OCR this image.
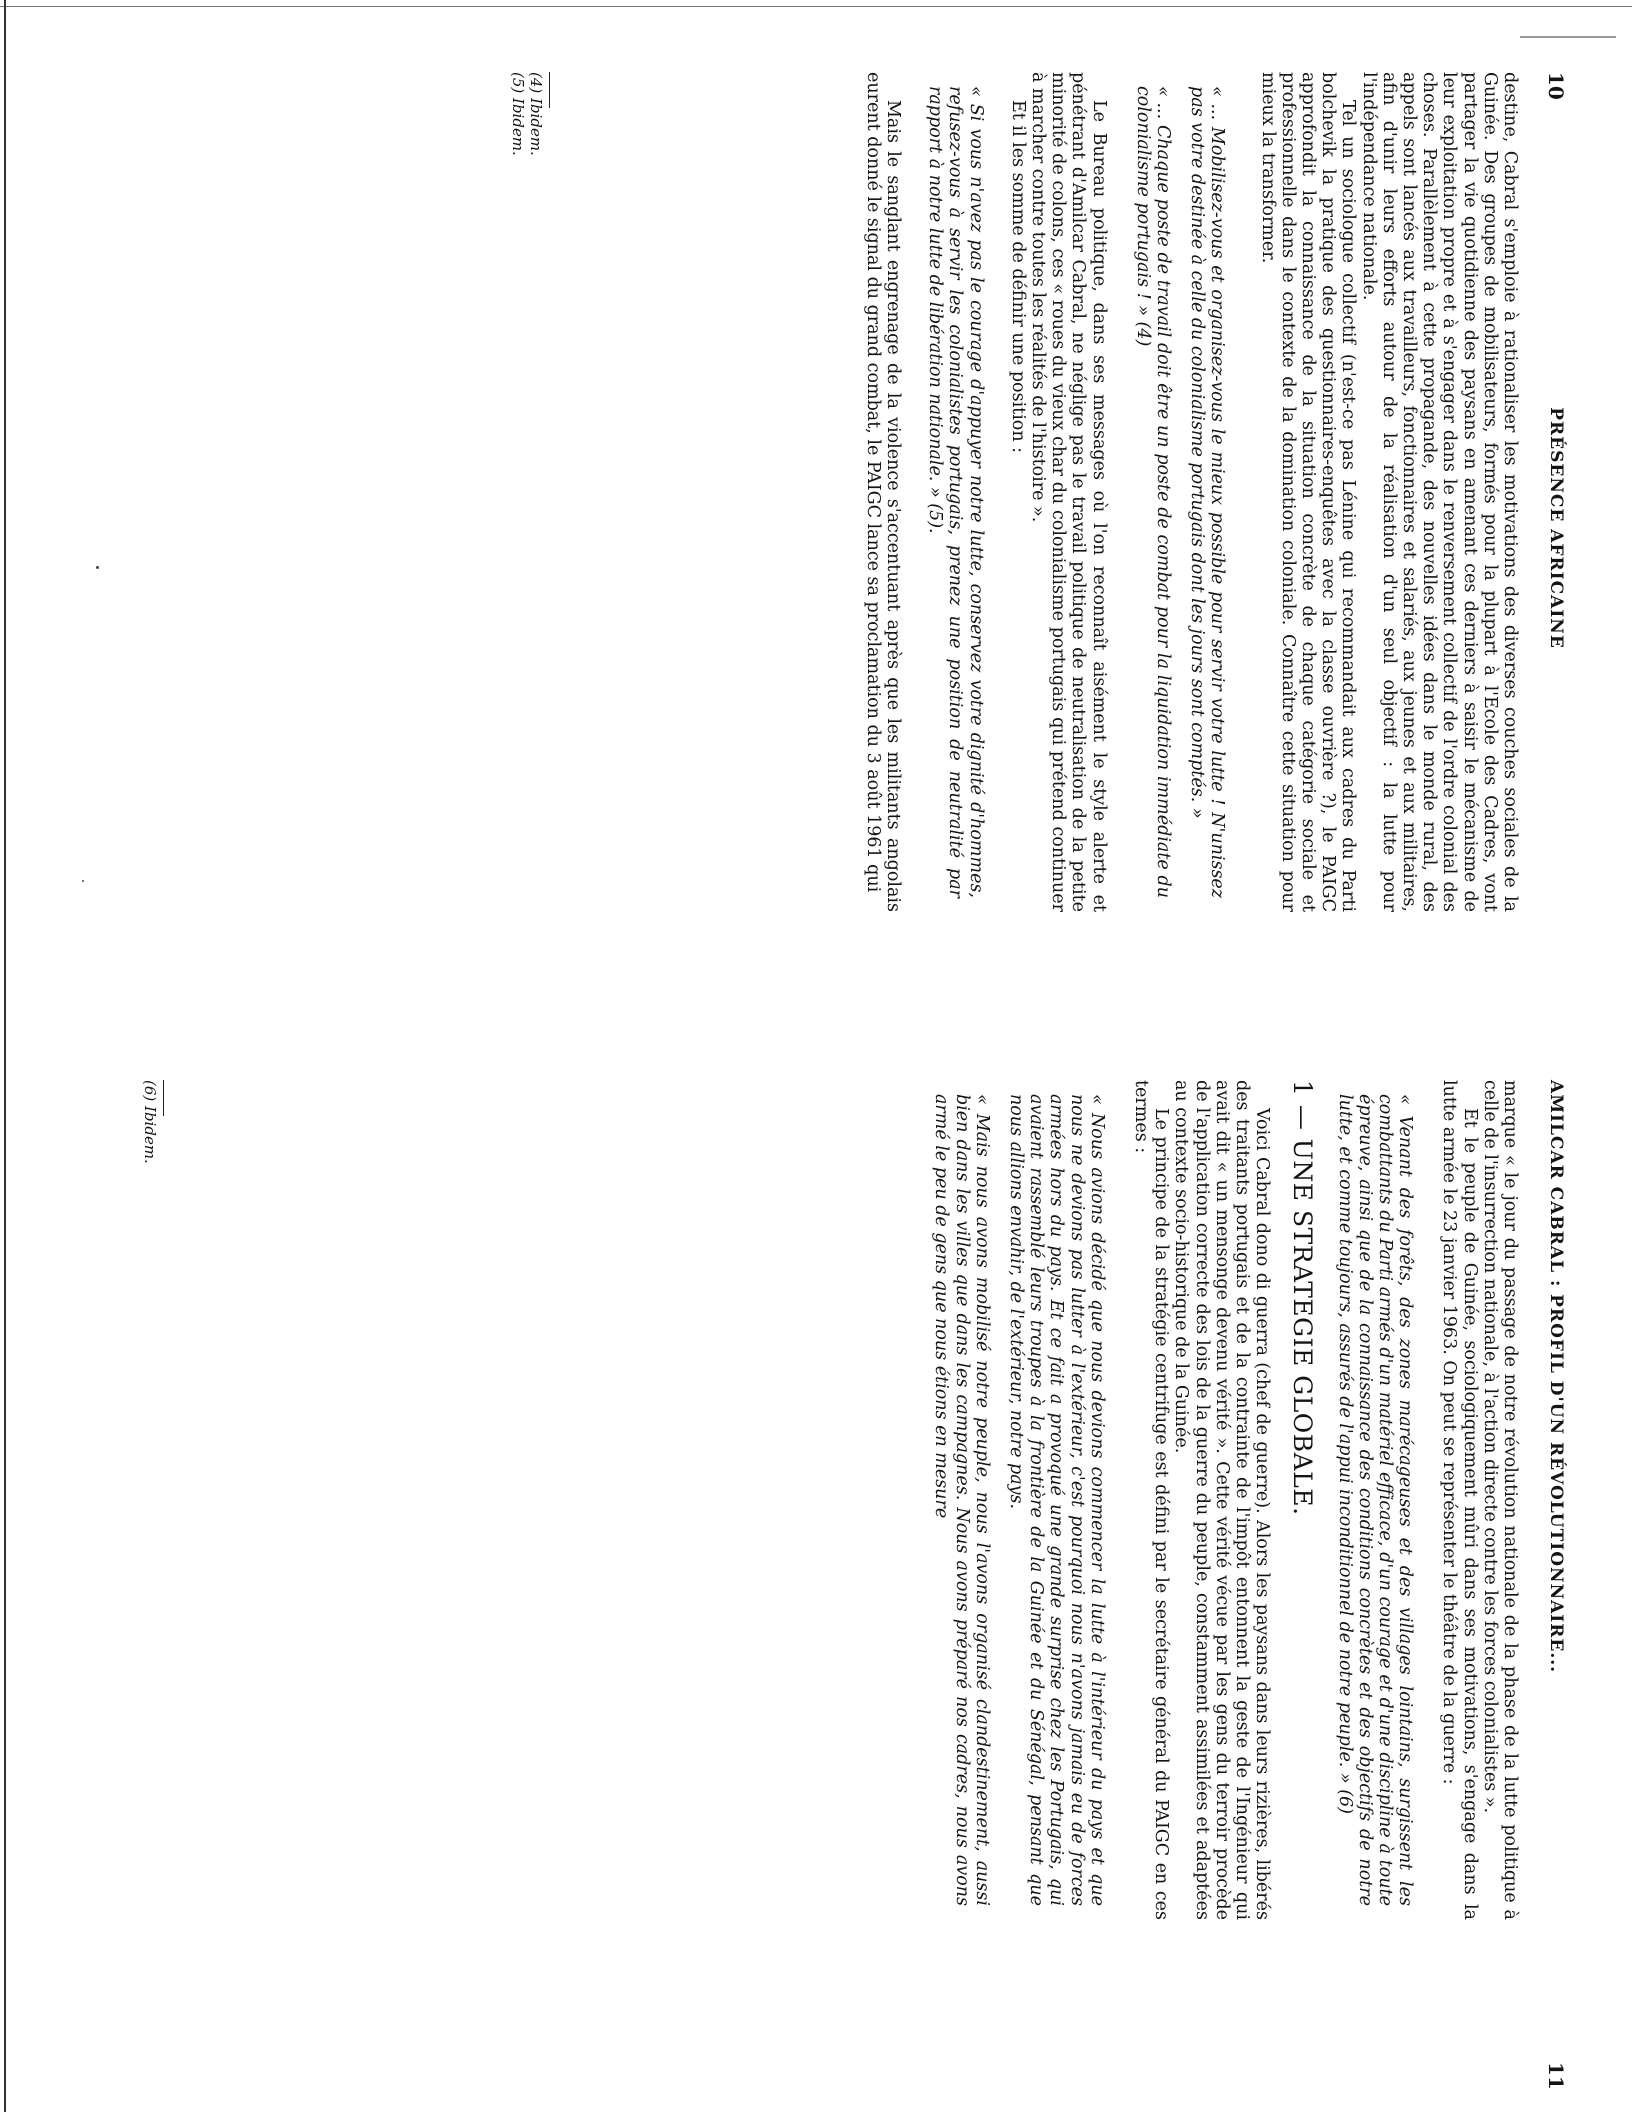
10
PRÉSENCE AFRICAINE

destine, Cabral s'emploie à rationaliser les motivations des diverses couches sociales de la Guinée. Des groupes de mobilisateurs, formés pour la plupart à l'Ecole des Cadres, vont partager la vie quotidienne des paysans en amenant ces derniers à saisir le mécanisme de leur exploitation propre et à s'engager dans le renversement collectif de l'ordre colonial des choses. Parallèlement à cette propagande, des nouvelles idées dans le monde rural, des appels sont lancés aux travailleurs, fonctionnaires et salariés, aux jeunes et aux militaires, afin d'unir leurs efforts autour de la réalisation d'un seul objectif : la lutte pour l'indépendance nationale.

Tel un sociologue collectif (n'est-ce pas Lénine qui recommandait aux cadres du Parti bolchevik la pratique des questionnaires-enquêtes avec la classe ouvrière ?), le PAIGC approfondit la connaissance de la situation concrète de chaque catégorie sociale et professionnelle dans le contexte de la domination coloniale. Connaître cette situation pour mieux la transformer.

« ... Mobilisez-vous et organisez-vous le mieux possible pour servir votre lutte ! N'unissez pas votre destinée à celle du colonialisme portugais dont les jours sont comptés. »

« ... Chaque poste de travail doit être un poste de combat pour la liquidation immédiate du colonialisme portugais ! » (4)

Le Bureau politique, dans ses messages où l'on reconnaît aisément le style alerte et pénétrant d'Amilcar Cabral, ne néglige pas le travail politique de neutralisation de la petite minorité de colons, ces « roues du vieux char du colonialisme portugais qui prétend continuer à marcher contre toutes les réalités de l'histoire ».

Et il les somme de définir une position :

« Si vous n'avez pas le courage d'appuyer notre lutte, conservez votre dignité d'hommes, refusez-vous à servir les colonialistes portugais, prenez une position de neutralité par rapport à notre lutte de libération nationale. » (5).

Mais le sanglant engrenage de la violence s'accentuant après que les militants angolais eurent donné le signal du grand combat, le PAIGC lance sa proclamation du 3 août 1961 qui

(4) Ibidem.
(5) Ibidem.
AMILCAR CABRAL : PROFIL D'UN RÉVOLUTIONNAIRE...
11

marque « le jour du passage de notre révolution nationale de la phase de la lutte politique à celle de l'insurrection nationale, à l'action directe contre les forces colonialistes ».

Et le peuple de Guinée, sociologiquement mûri dans ses motivations, s'engage dans la lutte armée le 23 janvier 1963. On peut se représenter le théâtre de la guerre :

« Venant des forêts, des zones marécageuses et des villages lointains, surgissent les combattants du Parti armés d'un matériel efficace, d'un courage et d'une discipline à toute épreuve, ainsi que de la connaissance des conditions concrètes et des objectifs de notre lutte, et comme toujours, assurés de l'appui inconditionnel de notre peuple. » (6)

1 — UNE STRATEGIE GLOBALE.

Voici Cabral dono di guerra (chef de guerre). Alors les paysans dans leurs rizières, libérés des traitants portugais et de la contrainte de l'impôt entonnent la geste de l'Ingénieur qui avait dit « un mensonge devenu vérité ». Cette vérité vécue par les gens du terroir procède de l'application correcte des lois de la guerre du peuple, constamment assimilées et adaptées au contexte socio-historique de la Guinée.

Le principe de la stratégie centrifuge est défini par le secrétaire général du PAIGC en ces termes :

« Nous avions décidé que nous devions commencer la lutte à l'intérieur du pays et que nous ne devions pas lutter à l'extérieur, c'est pourquoi nous n'avons jamais eu de forces armées hors du pays. Et ce fait a provoqué une grande surprise chez les Portugais, qui avaient rassemblé leurs troupes à la frontière de la Guinée et du Sénégal, pensant que nous allions envahir, de l'extérieur, notre pays.

« Mais nous avons mobilisé notre peuple, nous l'avons organisé clandestinement, aussi bien dans les villes que dans les campagnes. Nous avons préparé nos cadres, nous avons armé le peu de gens que nous étions en mesure

(6) Ibidem.
